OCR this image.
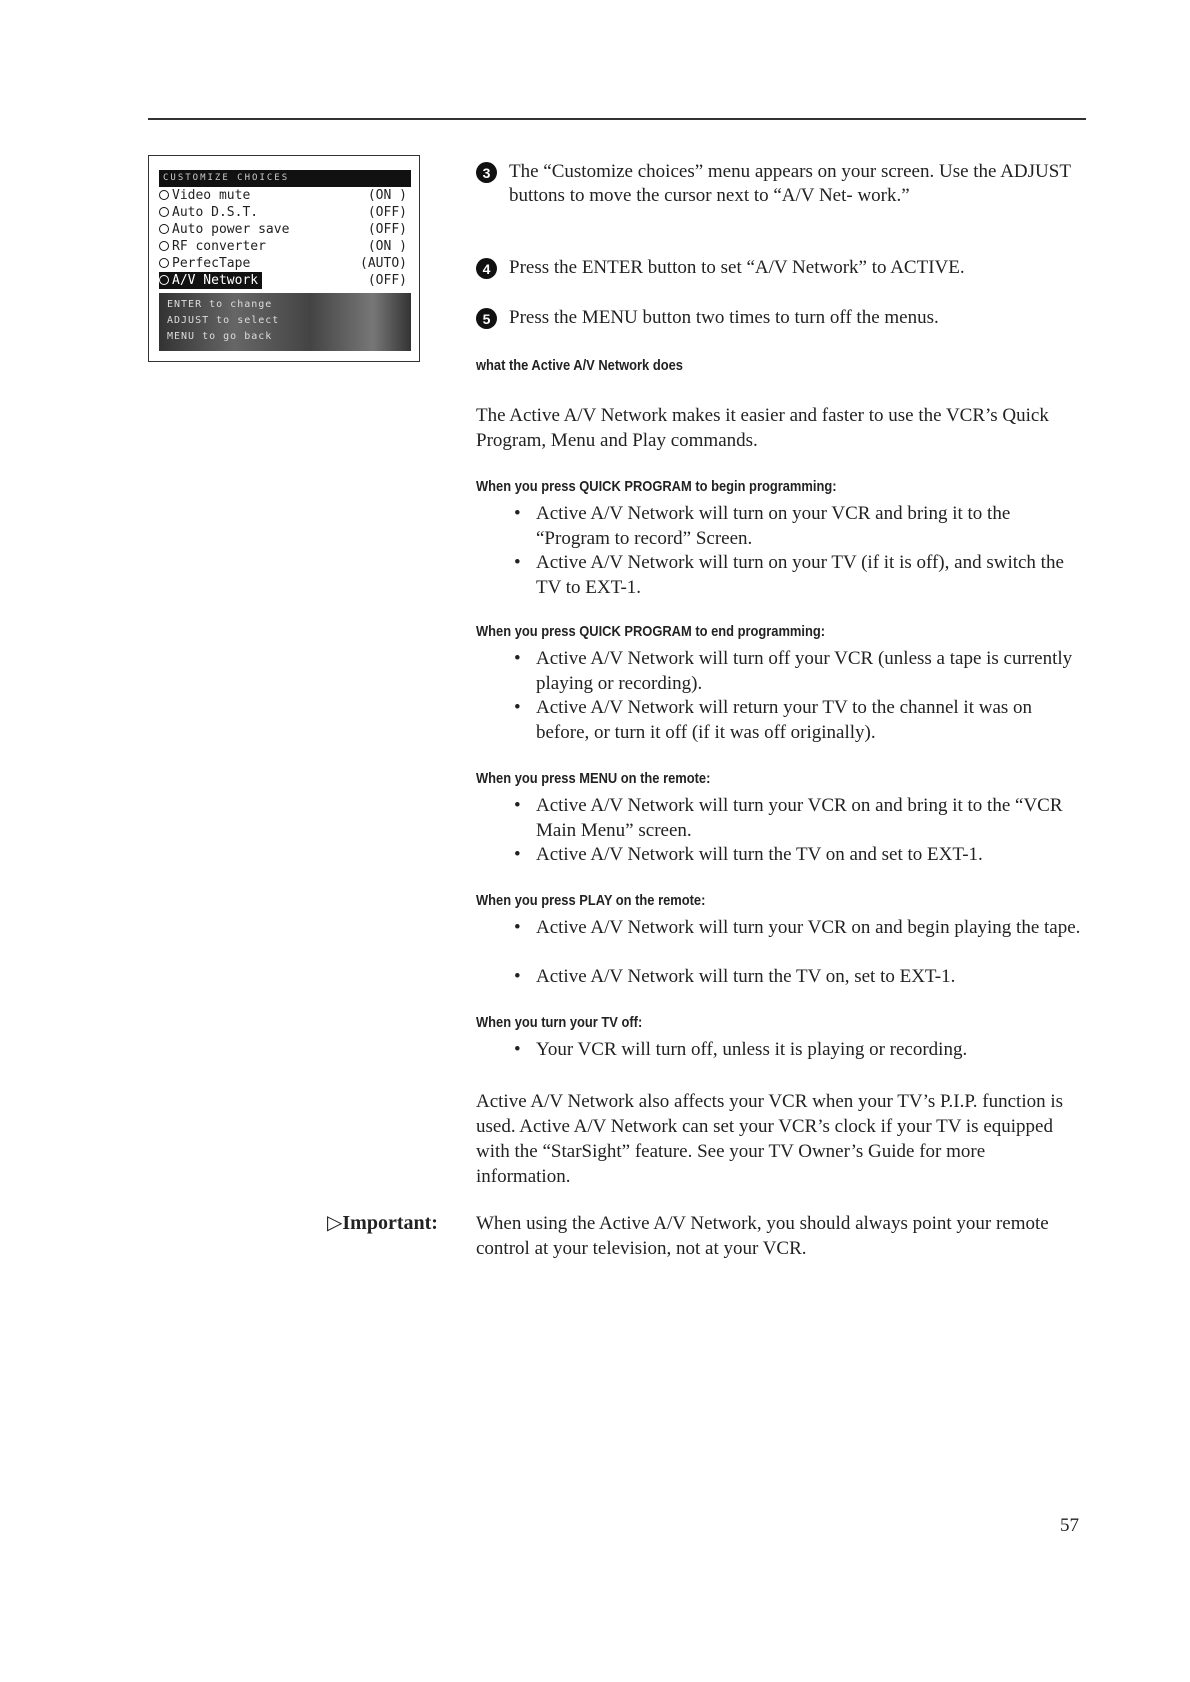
CUSTOMIZE CHOICES
Video mute	(ON )
Auto D.S.T.	(OFF)
Auto power save	(OFF)
RF converter	(ON )
PerfecTape	(AUTO)
A/V Network	(OFF)
ENTER to change
ADJUST to select
MENU to go back
3 The “Customize choices” menu appears on your screen. Use the ADJUST buttons to move the cursor next to “A/V Net- work.”
4 Press the ENTER button to set “A/V Network” to ACTIVE.
5 Press the MENU button two times to turn off the menus.
what the Active A/V Network does
The Active A/V Network makes it easier and faster to use the VCR’s Quick Program, Menu and Play commands.
When you press QUICK PROGRAM to begin programming:
• Active A/V Network will turn on your VCR and bring it to the “Program to record” Screen.
• Active A/V Network will turn on your TV (if it is off), and switch the TV to EXT-1.
When you press QUICK PROGRAM to end programming:
• Active A/V Network will turn off your VCR (unless a tape is currently playing or recording).
• Active A/V Network will return your TV to the channel it was on before, or turn it off (if it was off originally).
When you press MENU on the remote:
• Active A/V Network will turn your VCR on and bring it to the “VCR Main Menu” screen.
• Active A/V Network will turn the TV on and set to EXT-1.
When you press PLAY on the remote:
• Active A/V Network will turn your VCR on and begin playing the tape.
• Active A/V Network will turn the TV on, set to EXT-1.
When you turn your TV off:
• Your VCR will turn off, unless it is playing or recording.
Active A/V Network also affects your VCR when your TV’s P.I.P. function is used. Active A/V Network can set your VCR’s clock if your TV is equipped with the “StarSight” feature. See your TV Owner’s Guide for more information.
▷Important: When using the Active A/V Network, you should always point your remote control at your television, not at your VCR.
57
